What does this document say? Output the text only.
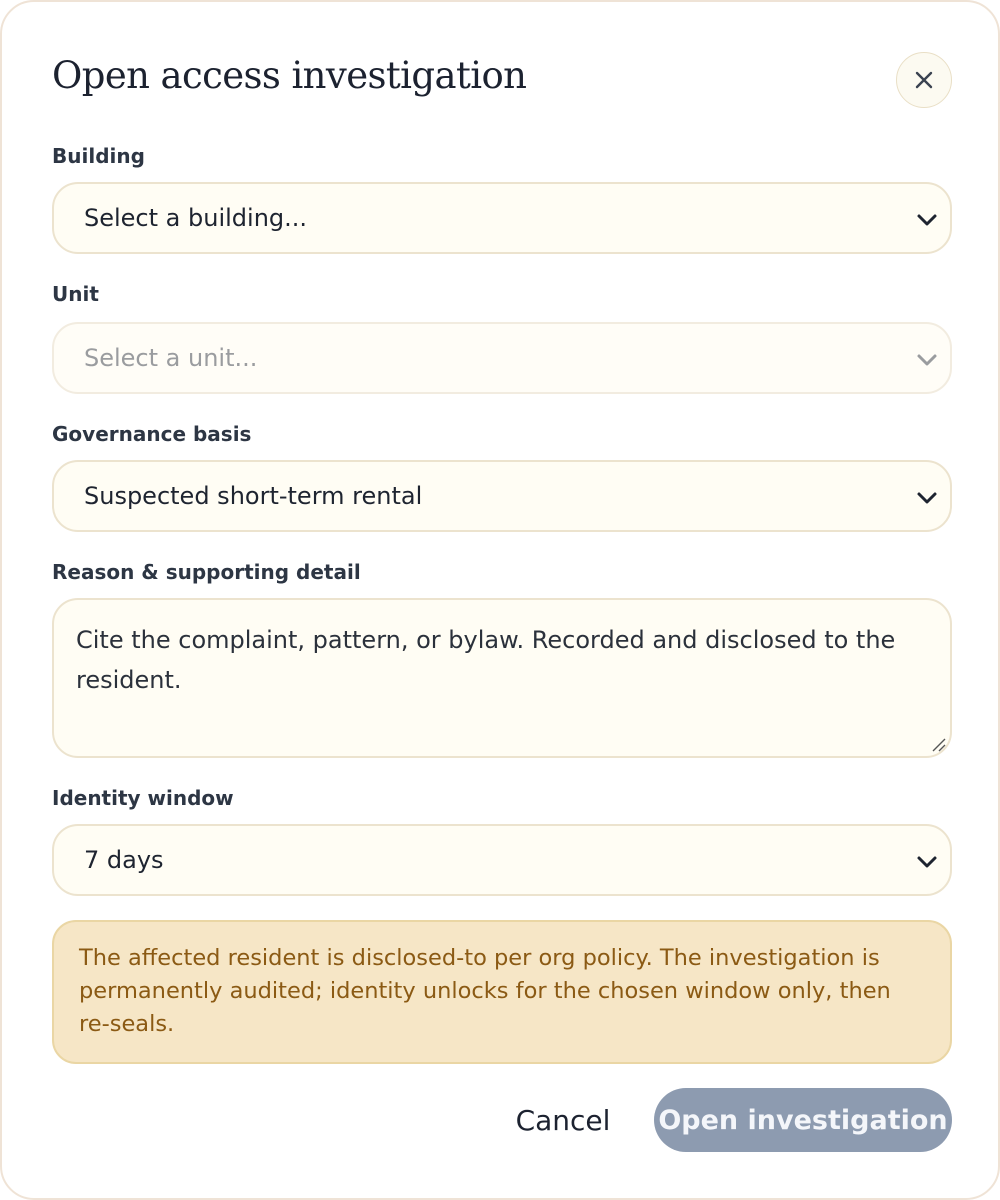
Open access investigation
Building
Select a building...
Unit
Select a unit...
Governance basis
Suspected short-term rental
Reason & supporting detail
Cite the complaint, pattern, or bylaw. Recorded and disclosed to the resident.
Identity window
7 days
The affected resident is disclosed-to per org policy. The investigation is permanently audited; identity unlocks for the chosen window only, then re-seals.
Cancel	Open investigation
